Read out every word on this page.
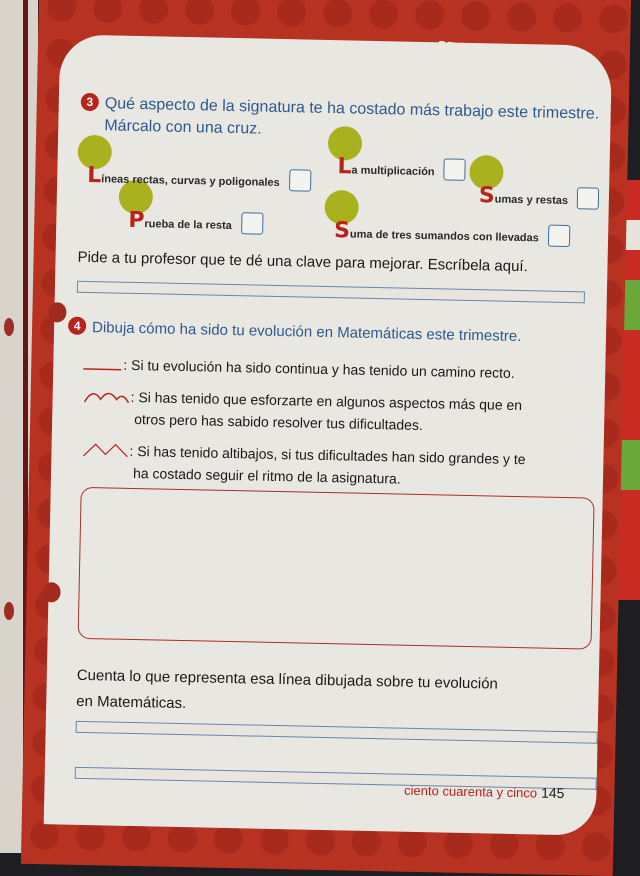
3 Qué aspecto de la signatura te ha costado más trabajo este trimestre.
Márcalo con una cruz.
Líneas rectas, curvas y poligonales
La multiplicación
Sumas y restas
Prueba de la resta	Suma de tres sumandos con llevadas
Pide a tu profesor que te dé una clave para mejorar. Escríbela aquí.
4 Dibuja cómo ha sido tu evolución en Matemáticas este trimestre.
: Si tu evolución ha sido continua y has tenido un camino recto.
: Si has tenido que esforzarte en algunos aspectos más que en
otros pero has sabido resolver tus dificultades.
: Si has tenido altibajos, si tus dificultades han sido grandes y te
ha costado seguir el ritmo de la asignatura.
Cuenta lo que representa esa línea dibujada sobre tu evolución
en Matemáticas.
ciento cuarenta y cinco 145
